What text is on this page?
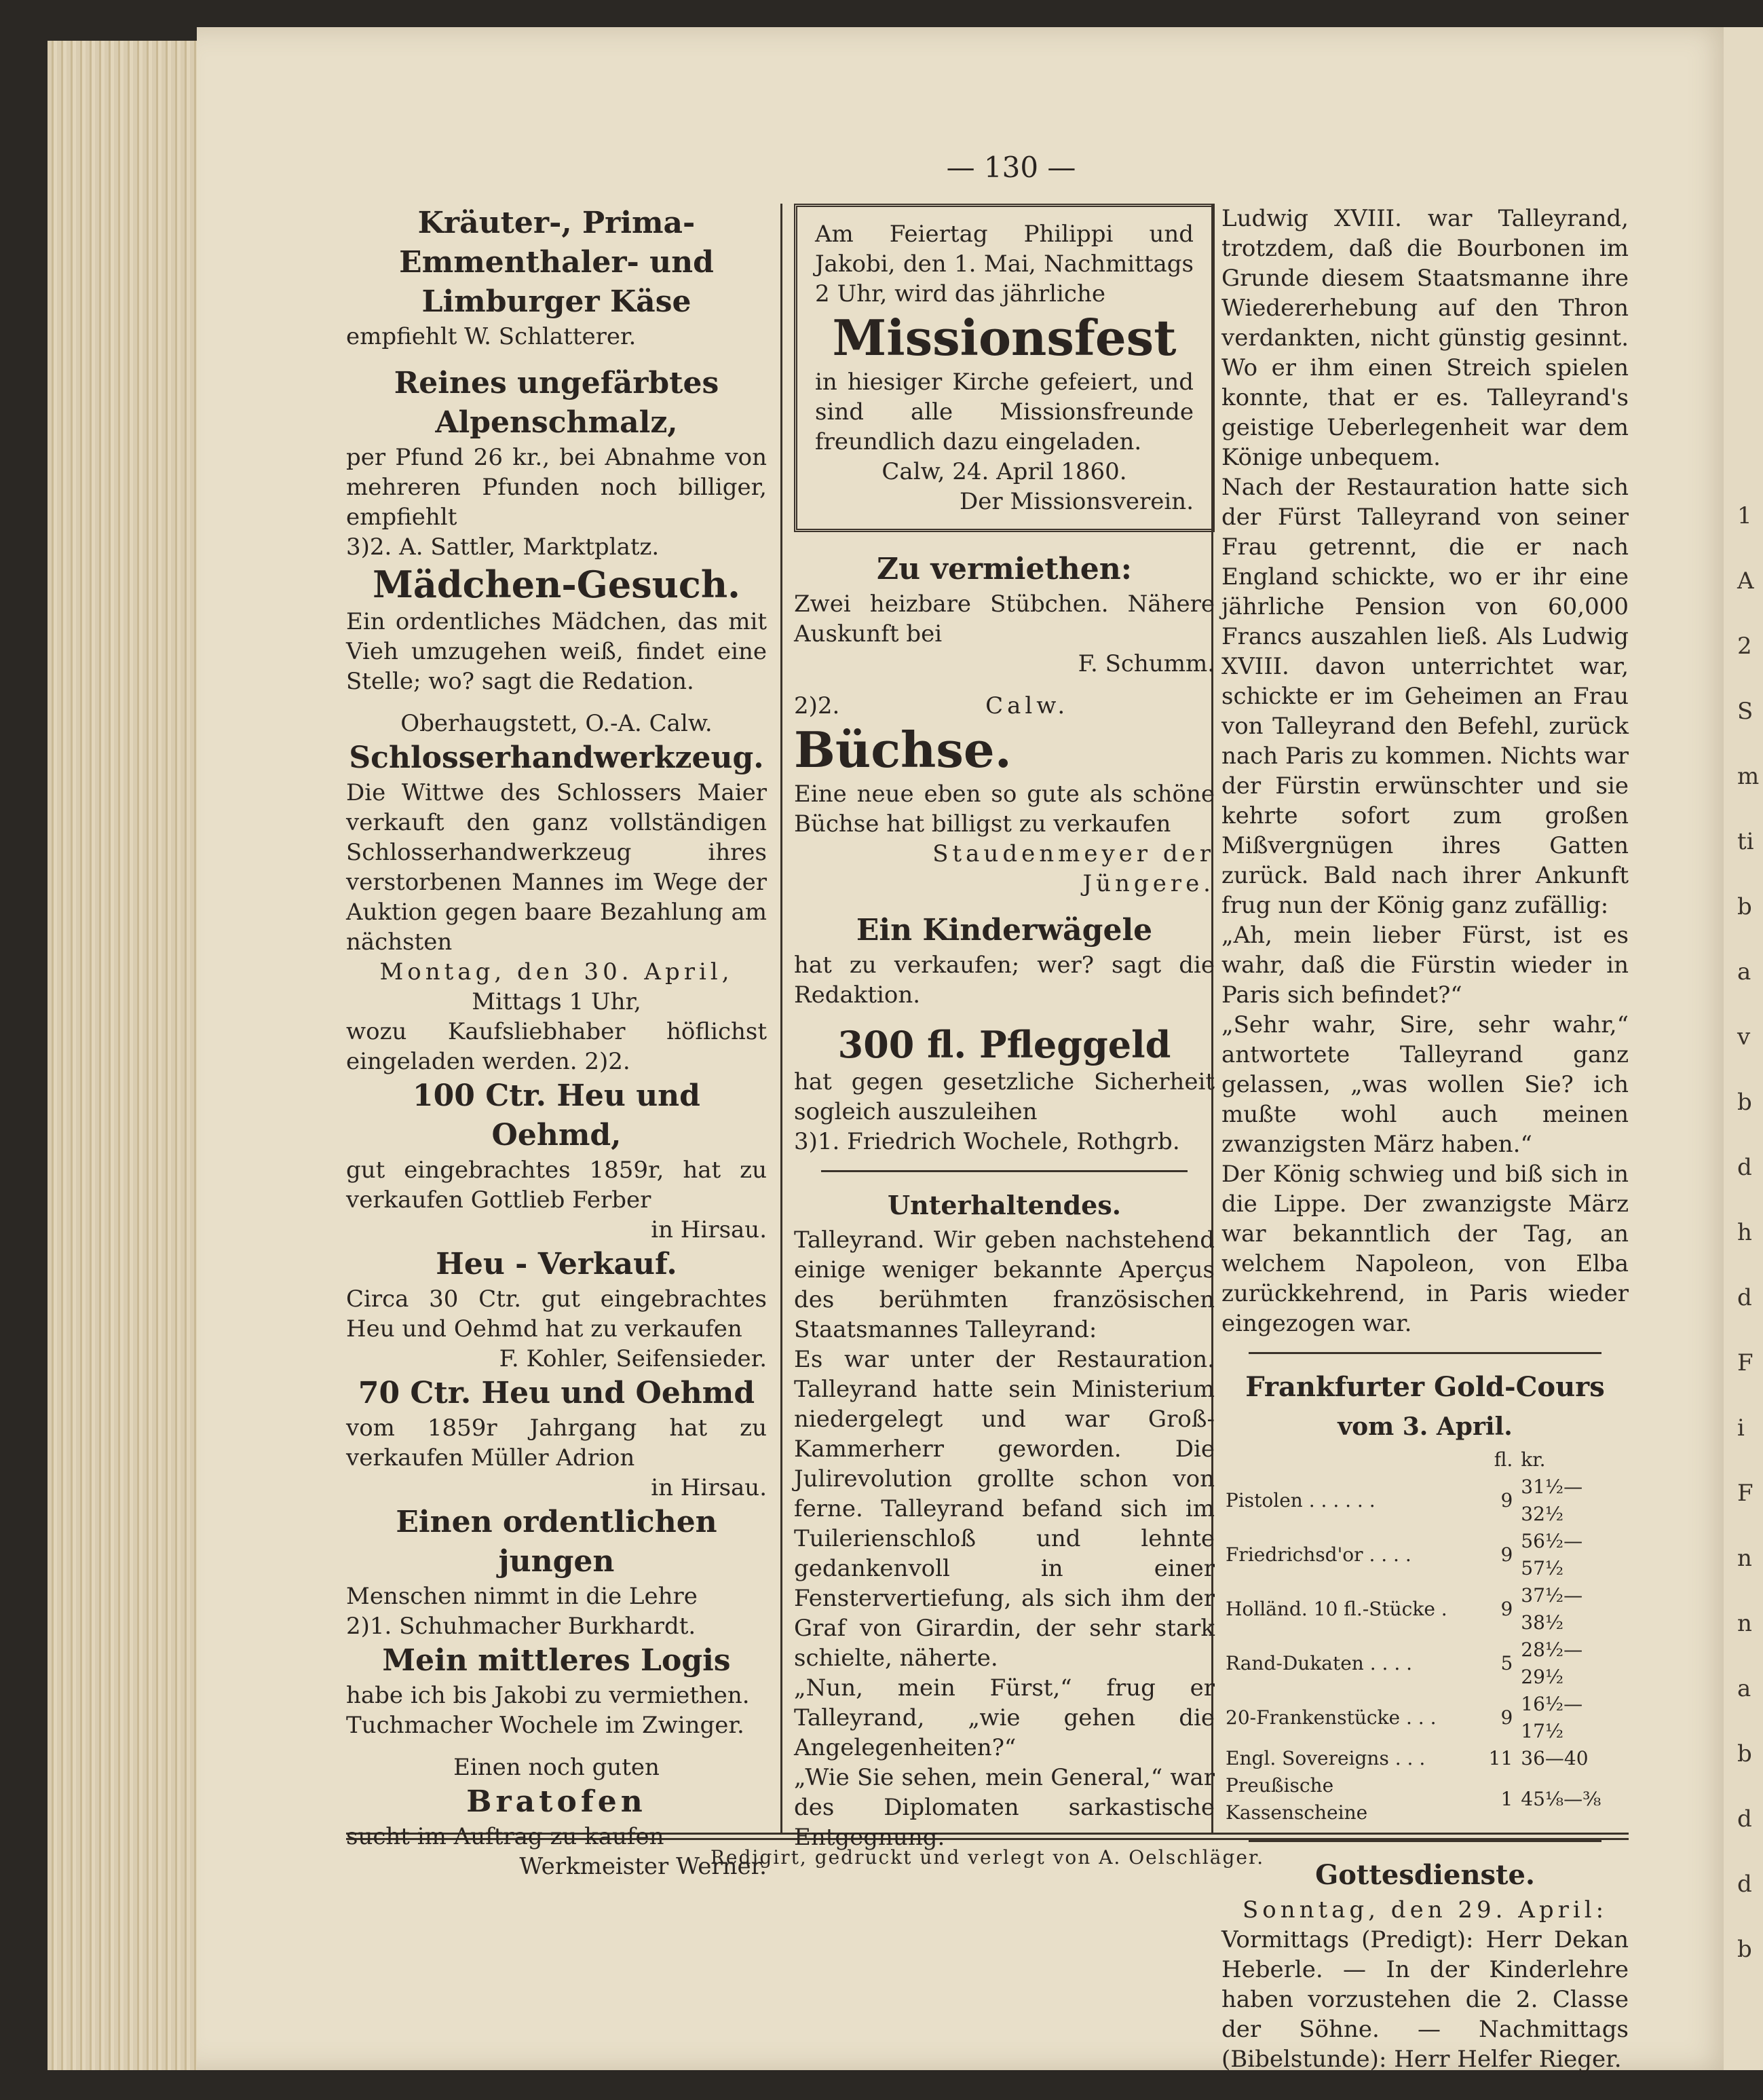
1
A
2
S
m
ti
b
a
v
b
d
h
d
F
i
F
n
n
a
b
d
d
b
— 130 —

Kräuter-, Prima-Emmenthaler- und Limburger Käse

empfiehlt W. Schlatterer.

Reines ungefärbtes Alpenschmalz,

per Pfund 26 kr., bei Abnahme von mehreren Pfunden noch billiger, empfiehlt

3)2. A. Sattler, Marktplatz.

Mädchen-Gesuch.

Ein ordentliches Mädchen, das mit Vieh umzugehen weiß, findet eine Stelle; wo? sagt die Redation.

Oberhaugstett, O.-A. Calw.

Schlosserhandwerkzeug.

Die Wittwe des Schlossers Maier verkauft den ganz vollständigen Schlosserhandwerkzeug ihres verstorbenen Mannes im Wege der Auktion gegen baare Bezahlung am nächsten

Montag, den 30. April,

Mittags 1 Uhr,

wozu Kaufsliebhaber höflichst eingeladen werden. 2)2.

100 Ctr. Heu und Oehmd,

gut eingebrachtes 1859r, hat zu verkaufen Gottlieb Ferber

in Hirsau.

Heu - Verkauf.

Circa 30 Ctr. gut eingebrachtes Heu und Oehmd hat zu verkaufen

F. Kohler, Seifensieder.

70 Ctr. Heu und Oehmd

vom 1859r Jahrgang hat zu verkaufen Müller Adrion

in Hirsau.

Einen ordentlichen jungen

Menschen nimmt in die Lehre

2)1. Schuhmacher Burkhardt.

Mein mittleres Logis

habe ich bis Jakobi zu vermiethen.

Tuchmacher Wochele im Zwinger.

Einen noch guten

Bratofen

sucht im Auftrag zu kaufen

Werkmeister Werner.

Am Feiertag Philippi und Jakobi, den 1. Mai, Nachmittags 2 Uhr, wird das jährliche

Missionsfest

in hiesiger Kirche gefeiert, und sind alle Missionsfreunde freundlich dazu eingeladen.

Calw, 24. April 1860.

Der Missionsverein.

Zu vermiethen:

Zwei heizbare Stübchen. Nähere Auskunft bei

F. Schumm.

2)2.	Calw.

Büchse.

Eine neue eben so gute als schöne Büchse hat billigst zu verkaufen

Staudenmeyer der Jüngere.

Ein Kinderwägele

hat zu verkaufen; wer? sagt die Redaktion.

300 fl. Pfleggeld

hat gegen gesetzliche Sicherheit sogleich auszuleihen

3)1. Friedrich Wochele, Rothgrb.

Unterhaltendes.

Talleyrand. Wir geben nachstehend einige weniger bekannte Aperçus des berühmten französischen Staatsmannes Talleyrand:

Es war unter der Restauration. Talleyrand hatte sein Ministerium niedergelegt und war Groß-Kammerherr geworden. Die Julirevolution grollte schon von ferne. Talleyrand befand sich im Tuilerienschloß und lehnte gedankenvoll in einer Fenstervertiefung, als sich ihm der Graf von Girardin, der sehr stark schielte, näherte.

„Nun, mein Fürst,“ frug er Talleyrand, „wie gehen die Angelegenheiten?“

„Wie Sie sehen, mein General,“ war des Diplomaten sarkastische Entgegnung.

Ludwig XVIII. war Talleyrand, trotzdem, daß die Bourbonen im Grunde diesem Staatsmanne ihre Wiedererhebung auf den Thron verdankten, nicht günstig gesinnt. Wo er ihm einen Streich spielen konnte, that er es. Talleyrand's geistige Ueberlegenheit war dem Könige unbequem.

Nach der Restauration hatte sich der Fürst Talleyrand von seiner Frau getrennt, die er nach England schickte, wo er ihr eine jährliche Pension von 60,000 Francs auszahlen ließ. Als Ludwig XVIII. davon unterrichtet war, schickte er im Geheimen an Frau von Talleyrand den Befehl, zurück nach Paris zu kommen. Nichts war der Fürstin erwünschter und sie kehrte sofort zum großen Mißvergnügen ihres Gatten zurück. Bald nach ihrer Ankunft frug nun der König ganz zufällig:

„Ah, mein lieber Fürst, ist es wahr, daß die Fürstin wieder in Paris sich befindet?“

„Sehr wahr, Sire, sehr wahr,“ antwortete Talleyrand ganz gelassen, „was wollen Sie? ich mußte wohl auch meinen zwanzigsten März haben.“

Der König schwieg und biß sich in die Lippe. Der zwanzigste März war bekanntlich der Tag, an welchem Napoleon, von Elba zurückkehrend, in Paris wieder eingezogen war.

Frankfurter Gold-Cours

vom 3. April.

	fl.	kr.
Pistolen . . . . . .	9	31½—32½
Friedrichsd'or . . . .	9	56½—57½
Holländ. 10 fl.-Stücke .	9	37½—38½
Rand-Dukaten . . . .	5	28½—29½
20-Frankenstücke . . .	9	16½—17½
Engl. Sovereigns . . .	11	36—40
Preußische Kassenscheine	1	45⅛—⅜

Gottesdienste.

Sonntag, den 29. April:

Vormittags (Predigt): Herr Dekan Heberle. — In der Kinderlehre haben vorzustehen die 2. Classe der Söhne. — Nachmittags (Bibelstunde): Herr Helfer Rieger.

Redigirt, gedruckt und verlegt von A. Oelschläger.
